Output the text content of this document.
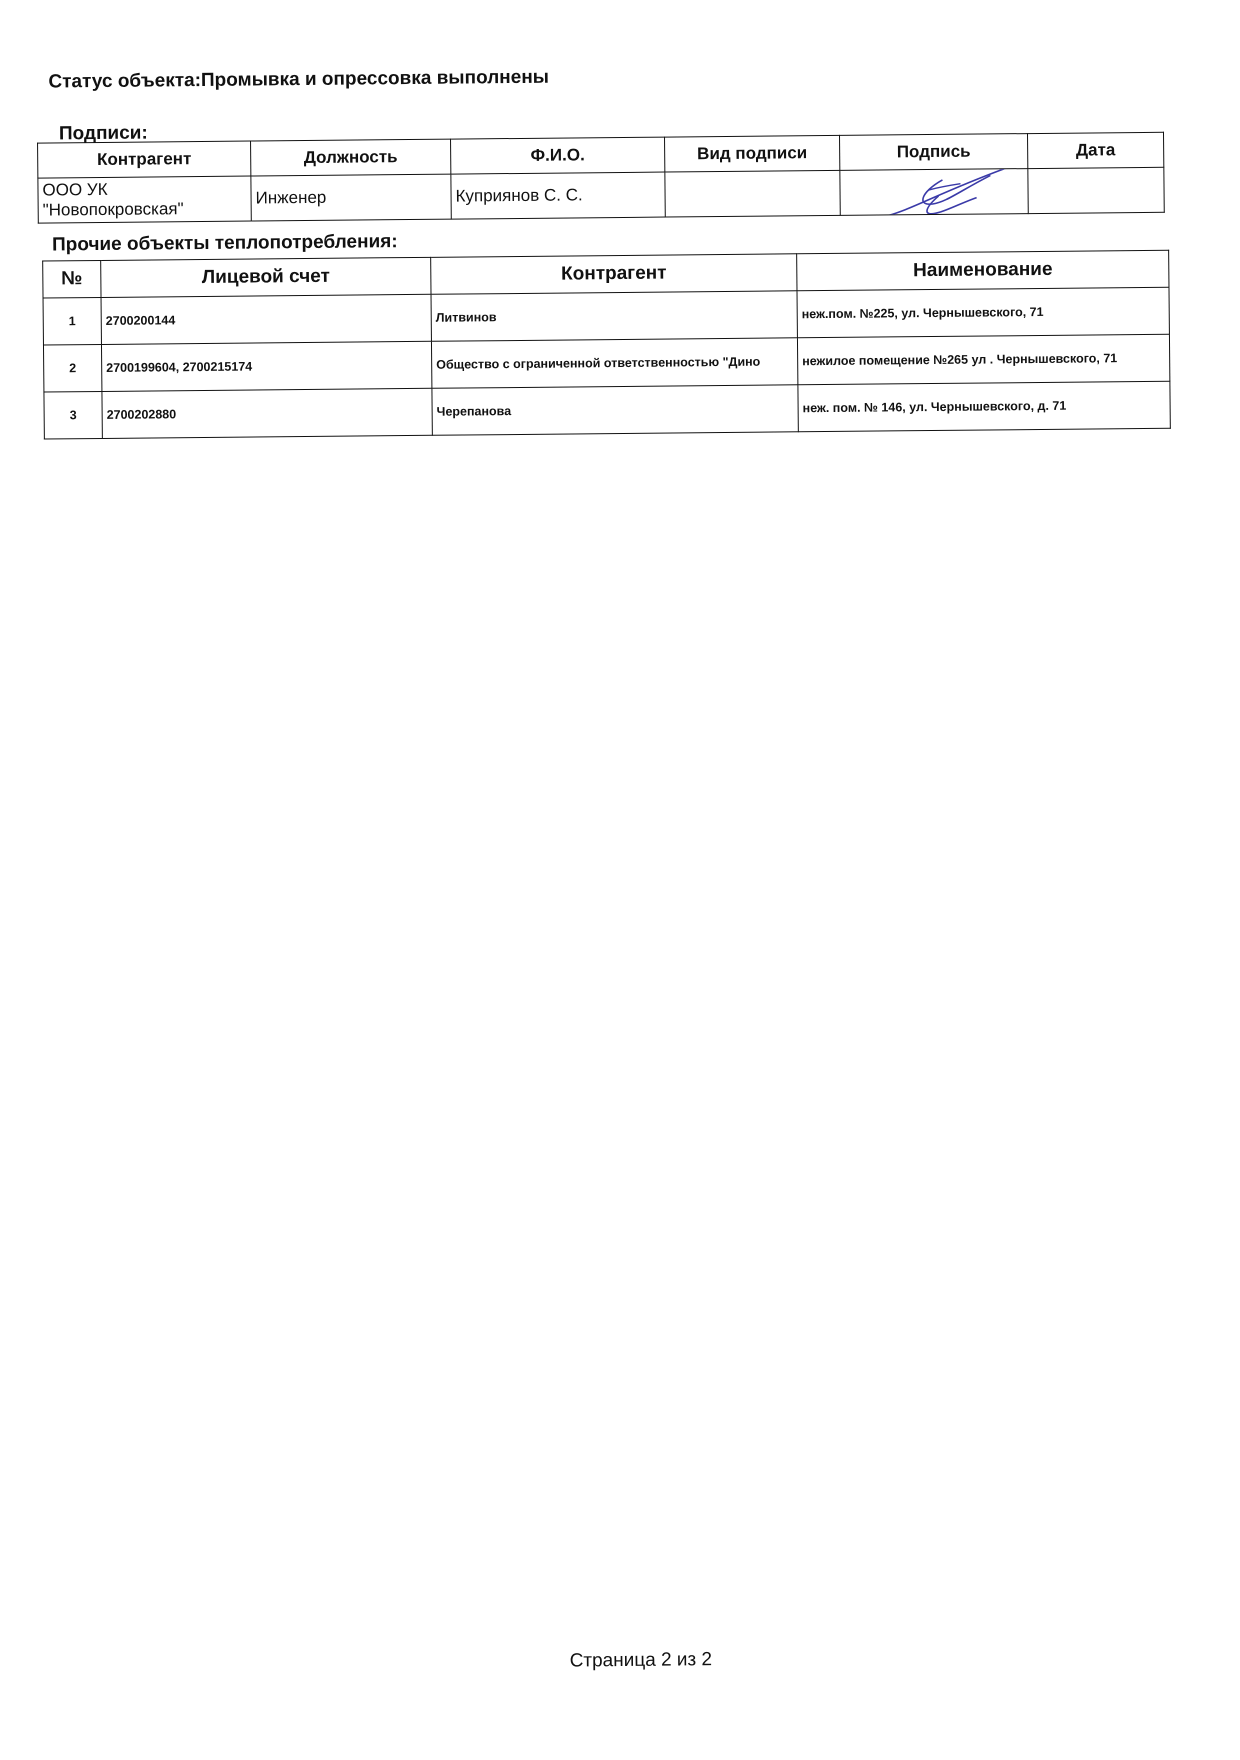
Статус объекта:Промывка и опрессовка выполнены
Подписи:
Контрагент	Должность	Ф.И.О.	Вид подписи	Подпись	Дата
ООО УК "Новопокровская"	Инженер	Куприянов С. С.		

Прочие объекты теплопотребления:
№	Лицевой счет	Контрагент	Наименование
1	2700200144	Литвинов	неж.пом. №225, ул. Чернышевского, 71
2	2700199604, 2700215174	Общество с ограниченной ответственностью "Дино	нежилое помещение №265 ул . Чернышевского, 71
3	2700202880	Черепанова	неж. пом. № 146, ул. Чернышевского, д. 71
Страница 2 из 2
